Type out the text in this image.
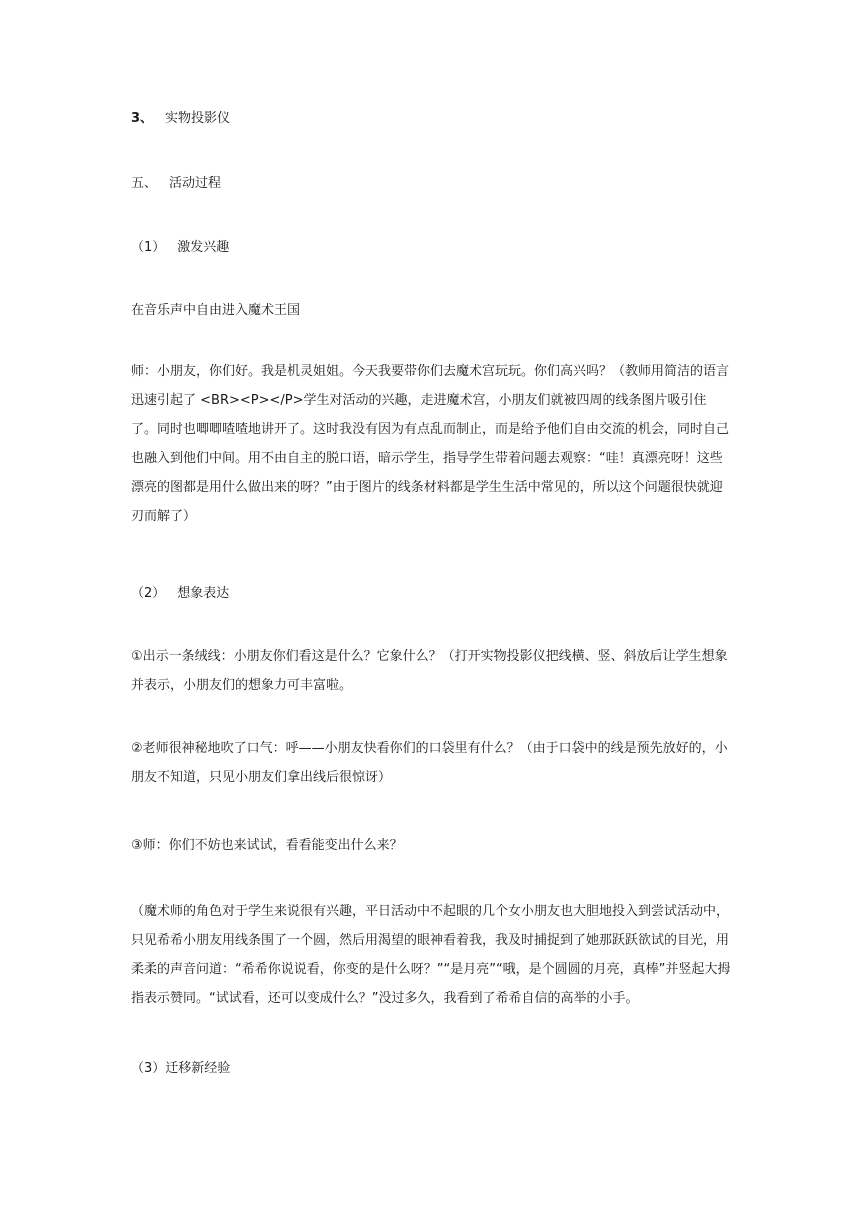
3、 实物投影仪
五、 活动过程
（1） 激发兴趣
在音乐声中自由进入魔术王国
师：小朋友，你们好。我是机灵姐姐。今天我要带你们去魔术宫玩玩。你们高兴吗？（教师用简洁的语言迅速引起了 <BR><P></P>学生对活动的兴趣，走进魔术宫，小朋友们就被四周的线条图片吸引住了。同时也唧唧喳喳地讲开了。这时我没有因为有点乱而制止，而是给予他们自由交流的机会，同时自己也融入到他们中间。用不由自主的脱口语，暗示学生，指导学生带着问题去观察：“哇！真漂亮呀！这些漂亮的图都是用什么做出来的呀？”由于图片的线条材料都是学生生活中常见的，所以这个问题很快就迎刃而解了）
（2） 想象表达
①出示一条绒线：小朋友你们看这是什么？它象什么？（打开实物投影仪把线横、竖、斜放后让学生想象并表示，小朋友们的想象力可丰富啦。
②老师很神秘地吹了口气：呼——小朋友快看你们的口袋里有什么？（由于口袋中的线是预先放好的，小朋友不知道，只见小朋友们拿出线后很惊讶）
③师：你们不妨也来试试，看看能变出什么来？
（魔术师的角色对于学生来说很有兴趣，平日活动中不起眼的几个女小朋友也大胆地投入到尝试活动中，只见希希小朋友用线条围了一个圆，然后用渴望的眼神看着我，我及时捕捉到了她那跃跃欲试的目光，用柔柔的声音问道：“希希你说说看，你变的是什么呀？”“是月亮”“哦，是个圆圆的月亮，真棒”并竖起大拇指表示赞同。“试试看，还可以变成什么？”没过多久，我看到了希希自信的高举的小手。
（3）迁移新经验
